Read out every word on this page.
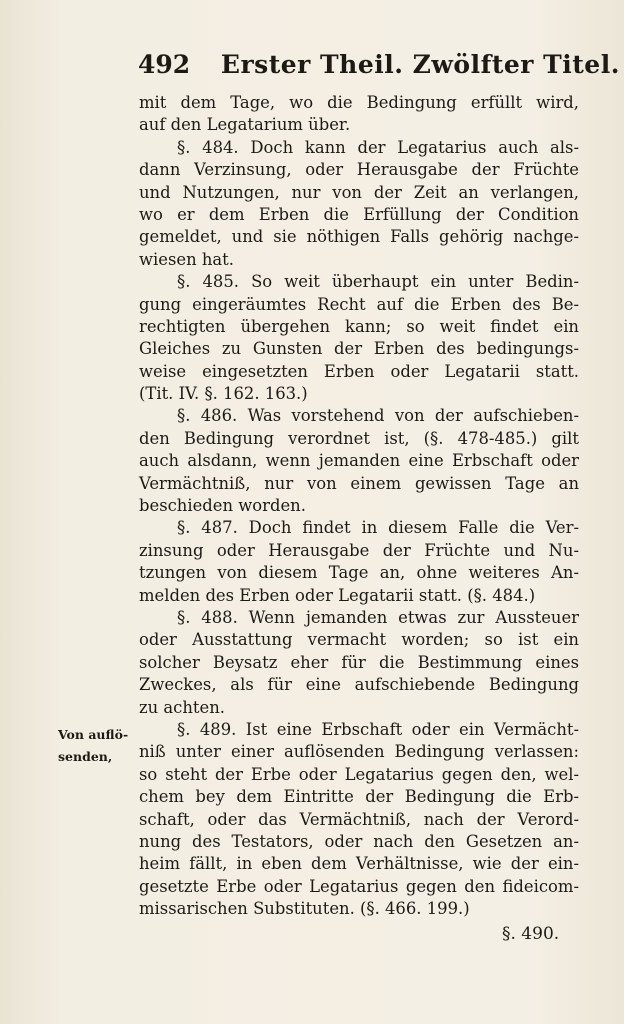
492 Erster Theil. Zwölfter Titel.
mit dem Tage, wo die Bedingung erfüllt wird,
auf den Legatarium über.
§. 484. Doch kann der Legatarius auch als-
dann Verzinsung, oder Herausgabe der Früchte
und Nutzungen, nur von der Zeit an verlangen,
wo er dem Erben die Erfüllung der Condition
gemeldet, und sie nöthigen Falls gehörig nachge-
wiesen hat.
§. 485. So weit überhaupt ein unter Bedin-
gung eingeräumtes Recht auf die Erben des Be-
rechtigten übergehen kann; so weit findet ein
Gleiches zu Gunsten der Erben des bedingungs-
weise eingesetzten Erben oder Legatarii statt.
(Tit. IV. §. 162. 163.)
§. 486. Was vorstehend von der aufschieben-
den Bedingung verordnet ist, (§. 478-485.) gilt
auch alsdann, wenn jemanden eine Erbschaft oder
Vermächtniß, nur von einem gewissen Tage an
beschieden worden.
§. 487. Doch findet in diesem Falle die Ver-
zinsung oder Herausgabe der Früchte und Nu-
tzungen von diesem Tage an, ohne weiteres An-
melden des Erben oder Legatarii statt. (§. 484.)
§. 488. Wenn jemanden etwas zur Aussteuer
oder Ausstattung vermacht worden; so ist ein
solcher Beysatz eher für die Bestimmung eines
Zweckes, als für eine aufschiebende Bedingung
zu achten.
§. 489. Ist eine Erbschaft oder ein Vermächt-
niß unter einer auflösenden Bedingung verlassen:
so steht der Erbe oder Legatarius gegen den, wel-
chem bey dem Eintritte der Bedingung die Erb-
schaft, oder das Vermächtniß, nach der Verord-
nung des Testators, oder nach den Gesetzen an-
heim fällt, in eben dem Verhältnisse, wie der ein-
gesetzte Erbe oder Legatarius gegen den fideicom-
missarischen Substituten. (§. 466. 199.)
Von auflö-
senden,
§. 490.
